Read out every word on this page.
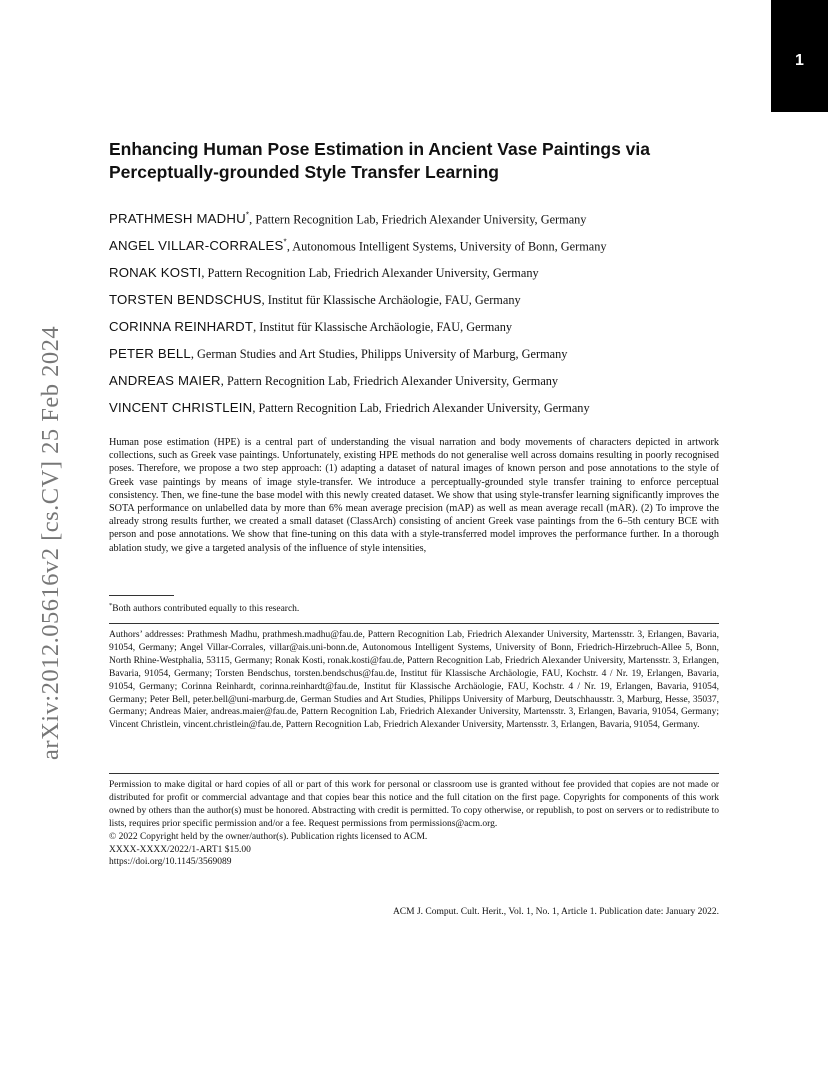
1
arXiv:2012.05616v2 [cs.CV] 25 Feb 2024
Enhancing Human Pose Estimation in Ancient Vase Paintings via Perceptually-grounded Style Transfer Learning
PRATHMESH MADHU*, Pattern Recognition Lab, Friedrich Alexander University, Germany
ANGEL VILLAR-CORRALES*, Autonomous Intelligent Systems, University of Bonn, Germany
RONAK KOSTI, Pattern Recognition Lab, Friedrich Alexander University, Germany
TORSTEN BENDSCHUS, Institut für Klassische Archäologie, FAU, Germany
CORINNA REINHARDT, Institut für Klassische Archäologie, FAU, Germany
PETER BELL, German Studies and Art Studies, Philipps University of Marburg, Germany
ANDREAS MAIER, Pattern Recognition Lab, Friedrich Alexander University, Germany
VINCENT CHRISTLEIN, Pattern Recognition Lab, Friedrich Alexander University, Germany

Human pose estimation (HPE) is a central part of understanding the visual narration and body movements of characters depicted in artwork collections, such as Greek vase paintings. Unfortunately, existing HPE methods do not generalise well across domains resulting in poorly recognised poses. Therefore, we propose a two step approach: (1) adapting a dataset of natural images of known person and pose annotations to the style of Greek vase paintings by means of image style-transfer. We introduce a perceptually-grounded style transfer training to enforce perceptual consistency. Then, we fine-tune the base model with this newly created dataset. We show that using style-transfer learning significantly improves the SOTA performance on unlabelled data by more than 6% mean average precision (mAP) as well as mean average recall (mAR). (2) To improve the already strong results further, we created a small dataset (ClassArch) consisting of ancient Greek vase paintings from the 6–5th century BCE with person and pose annotations. We show that fine-tuning on this data with a style-transferred model improves the performance further. In a thorough ablation study, we give a targeted analysis of the influence of style intensities,

*Both authors contributed equally to this research.

Authors’ addresses: Prathmesh Madhu, prathmesh.madhu@fau.de, Pattern Recognition Lab, Friedrich Alexander University, Martensstr. 3, Erlangen, Bavaria, 91054, Germany; Angel Villar-Corrales, villar@ais.uni-bonn.de, Autonomous Intelligent Systems, University of Bonn, Friedrich-Hirzebruch-Allee 5, Bonn, North Rhine-Westphalia, 53115, Germany; Ronak Kosti, ronak.kosti@fau.de, Pattern Recognition Lab, Friedrich Alexander University, Martensstr. 3, Erlangen, Bavaria, 91054, Germany; Torsten Bendschus, torsten.bendschus@fau.de, Institut für Klassische Archäologie, FAU, Kochstr. 4 / Nr. 19, Erlangen, Bavaria, 91054, Germany; Corinna Reinhardt, corinna.reinhardt@fau.de, Institut für Klassische Archäologie, FAU, Kochstr. 4 / Nr. 19, Erlangen, Bavaria, 91054, Germany; Peter Bell, peter.bell@uni-marburg.de, German Studies and Art Studies, Philipps University of Marburg, Deutschhausstr. 3, Marburg, Hesse, 35037, Germany; Andreas Maier, andreas.maier@fau.de, Pattern Recognition Lab, Friedrich Alexander University, Martensstr. 3, Erlangen, Bavaria, 91054, Germany; Vincent Christlein, vincent.christlein@fau.de, Pattern Recognition Lab, Friedrich Alexander University, Martensstr. 3, Erlangen, Bavaria, 91054, Germany.

Permission to make digital or hard copies of all or part of this work for personal or classroom use is granted without fee provided that copies are not made or distributed for profit or commercial advantage and that copies bear this notice and the full citation on the first page. Copyrights for components of this work owned by others than the author(s) must be honored. Abstracting with credit is permitted. To copy otherwise, or republish, to post on servers or to redistribute to lists, requires prior specific permission and/or a fee. Request permissions from permissions@acm.org.

© 2022 Copyright held by the owner/author(s). Publication rights licensed to ACM.
XXXX-XXXX/2022/1-ART1 $15.00
https://doi.org/10.1145/3569089

ACM J. Comput. Cult. Herit., Vol. 1, No. 1, Article 1. Publication date: January 2022.
